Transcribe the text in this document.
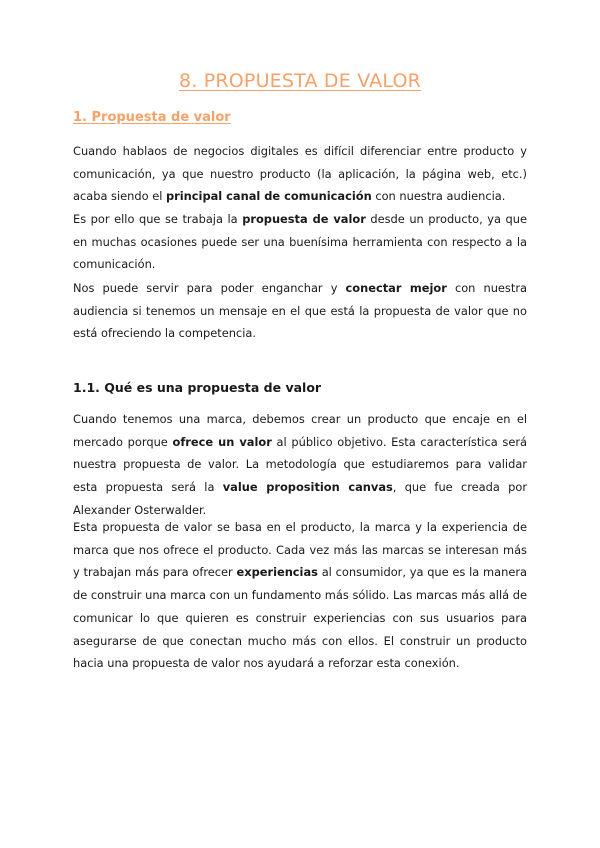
8. PROPUESTA DE VALOR
1. Propuesta de valor

Cuando hablaos de negocios digitales es difícil diferenciar entre producto y comunicación, ya que nuestro producto (la aplicación, la página web, etc.) acaba siendo el principal canal de comunicación con nuestra audiencia.

Es por ello que se trabaja la propuesta de valor desde un producto, ya que en muchas ocasiones puede ser una buenísima herramienta con respecto a la comunicación.

Nos puede servir para poder enganchar y conectar mejor con nuestra audiencia si tenemos un mensaje en el que está la propuesta de valor que no está ofreciendo la competencia.

1.1. Qué es una propuesta de valor

Cuando tenemos una marca, debemos crear un producto que encaje en el mercado porque ofrece un valor al público objetivo. Esta característica será nuestra propuesta de valor. La metodología que estudiaremos para validar esta propuesta será la value proposition canvas, que fue creada por Alexander Osterwalder.

Esta propuesta de valor se basa en el producto, la marca y la experiencia de marca que nos ofrece el producto. Cada vez más las marcas se interesan más y trabajan más para ofrecer experiencias al consumidor, ya que es la manera de construir una marca con un fundamento más sólido. Las marcas más allá de comunicar lo que quieren es construir experiencias con sus usuarios para asegurarse de que conectan mucho más con ellos. El construir un producto hacia una propuesta de valor nos ayudará a reforzar esta conexión.
